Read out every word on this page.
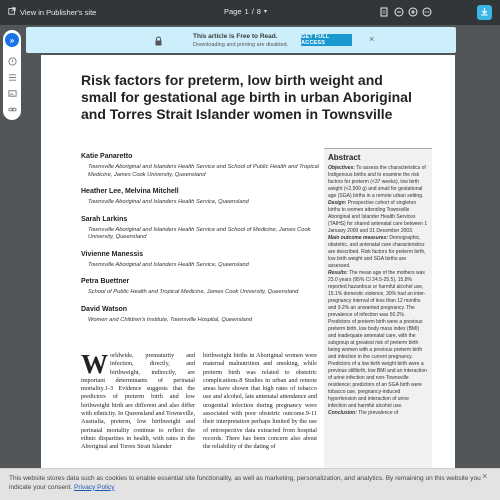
View in Publisher's site	Page 1 / 8 ▾
»	This article is Free to Read.
Downloading and printing are disabled.
GET FULL ACCESS	×
Risk factors for preterm, low birth weight and small for gestational age birth in urban Aboriginal and Torres Strait Islander women in Townsville
Katie Panaretto
Townsville Aboriginal and Islanders Health Service and School of Public Health and Tropical Medicine, James Cook University, Queensland
Heather Lee, Melvina Mitchell
Townsville Aboriginal and Islanders Health Service, Queensland
Sarah Larkins
Townsville Aboriginal and Islanders Health Service and School of Medicine, James Cook University, Queensland
Vivienne Manessis
Townsville Aboriginal and Islanders Health Service, Queensland
Petra Buettner
School of Public Health and Tropical Medicine, James Cook University, Queensland
David Watson
Women and Children's Institute, Townsville Hospital, Queensland
Abstract

Objectives: To assess the characteristics of Indigenous births and to examine the risk factors for preterm (<37 weeks), low birth weight (<2,500 g) and small for gestational age (SGA) births in a remote urban setting.
Design: Prospective cohort of singleton births to women attending Townsville Aboriginal and Islander Health Services (TAIHS) for shared antenatal care between 1 January 2000 and 31 December 2003.
Main outcome measures: Demographic, obstetric, and antenatal care characteristics are described. Risk factors for preterm birth, low birth weight and SGA births are assessed.
Results: The mean age of the mothers was 23.0 years (95% CI 24.5-25.5), 15.8% reported hazardous or harmful alcohol use, 15.1% domestic violence, 30% had an inter-pregnancy interval of less than 12 months and 9.2% an unwanted pregnancy. The prevalence of infection was 50.2%. Predictors of preterm birth were a previous preterm birth, low body mass index (BMI) and inadequate antenatal care, with the subgroup at greatest risk of preterm birth being women with a previous preterm birth and infection in the current pregnancy. Predictors of a low birth weight birth were a previous stillbirth, low BMI and an interaction of urine infection and non-Townsville residence; predictors of an SGA birth were tobacco use, pregnancy-induced hypertension and interaction of urine infection and harmful alcohol use.
Conclusion: The prevalence of

Worldwide, prematurity and infection, directly, and birthweight, indirectly, are important determinants of perinatal mortality.1-3 Evidence suggests that the predictors of preterm birth and low birthweight birth are different and also differ with ethnicity. In Queensland and Townsville, Australia, preterm, low birthweight and perinatal mortality continue to reflect the ethnic disparities in health, with rates in the Aboriginal and Torres Strait Islander
birthweight births in Aboriginal women were maternal malnutrition and smoking, while preterm birth was related to obstetric complications.8 Studies in urban and remote areas have shown that high rates of tobacco use and alcohol, late antenatal attendance and urogenital infection during pregnancy were associated with poor obstetric outcome.9-11 their interpretation perhaps limited by the use of retrospective data extracted from hospital records. There has been concern also about the reliability of the dating of
This website stores data such as cookies to enable essential site functionality, as well as marketing, personalization, and analytics. By remaining on this website you indicate your consent. Privacy Policy
×
